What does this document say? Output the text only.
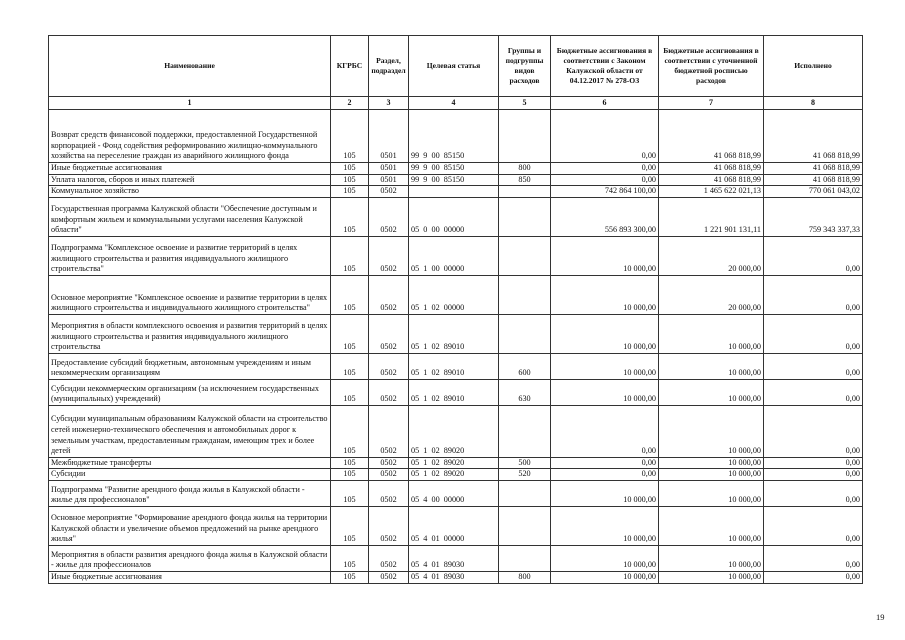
Наименование	КГРБС	Раздел, подраздел	Целевая статья	Группы и подгруппы видов расходов	Бюджетные ассигнования в соответствии с Законом Калужской области от 04.12.2017 № 278-ОЗ	Бюджетные ассигнования в соответствии с уточненной бюджетной росписью расходов	Исполнено
1	2	3	4	5	6	7	8
Возврат средств финансовой поддержки, предоставленной Государственной корпорацией - Фонд содействия реформированию жилищно-коммунального хозяйства на переселение граждан из аварийного жилищного фонда	105	0501	99  9  00  85150		0,00	41 068 818,99	41 068 818,99
Иные бюджетные ассигнования	105	0501	99  9  00  85150	800	0,00	41 068 818,99	41 068 818,99
Уплата налогов, сборов и иных платежей	105	0501	99  9  00  85150	850	0,00	41 068 818,99	41 068 818,99
Коммунальное хозяйство	105	0502			742 864 100,00	1 465 622 021,13	770 061 043,02
Государственная программа Калужской области "Обеспечение доступным и комфортным жильем и коммунальными услугами населения Калужской области"	105	0502	05  0  00  00000		556 893 300,00	1 221 901 131,11	759 343 337,33
Подпрограмма "Комплексное освоение и развитие территорий в целях жилищного строительства и развития индивидуального жилищного строительства"	105	0502	05  1  00  00000		10 000,00	20 000,00	0,00
Основное мероприятие "Комплексное освоение и развитие территории в целях жилищного строительства и индивидуального жилищного строительства"	105	0502	05  1  02  00000		10 000,00	20 000,00	0,00
Мероприятия в области комплексного освоения и развития территорий в целях жилищного строительства и развития индивидуального жилищного строительства	105	0502	05  1  02  89010		10 000,00	10 000,00	0,00
Предоставление субсидий бюджетным, автономным учреждениям и иным некоммерческим организациям	105	0502	05  1  02  89010	600	10 000,00	10 000,00	0,00
Субсидии некоммерческим организациям (за исключением государственных (муниципальных) учреждений)	105	0502	05  1  02  89010	630	10 000,00	10 000,00	0,00
Субсидии муниципальным образованиям Калужской области на строительство сетей инженерно-технического обеспечения и автомобильных дорог к земельным участкам, предоставленным гражданам, имеющим трех и более детей	105	0502	05  1  02  89020		0,00	10 000,00	0,00
Межбюджетные трансферты	105	0502	05  1  02  89020	500	0,00	10 000,00	0,00
Субсидии	105	0502	05  1  02  89020	520	0,00	10 000,00	0,00
Подпрограмма "Развитие арендного фонда жилья в Калужской области - жилье для профессионалов"	105	0502	05  4  00  00000		10 000,00	10 000,00	0,00
Основное мероприятие "Формирование арендного фонда жилья на территории Калужской области и увеличение объемов предложений на рынке арендного жилья"	105	0502	05  4  01  00000		10 000,00	10 000,00	0,00
Мероприятия в области развития арендного фонда жилья в Калужской области - жилье для профессионалов	105	0502	05  4  01  89030		10 000,00	10 000,00	0,00
Иные бюджетные ассигнования	105	0502	05  4  01  89030	800	10 000,00	10 000,00	0,00
19
